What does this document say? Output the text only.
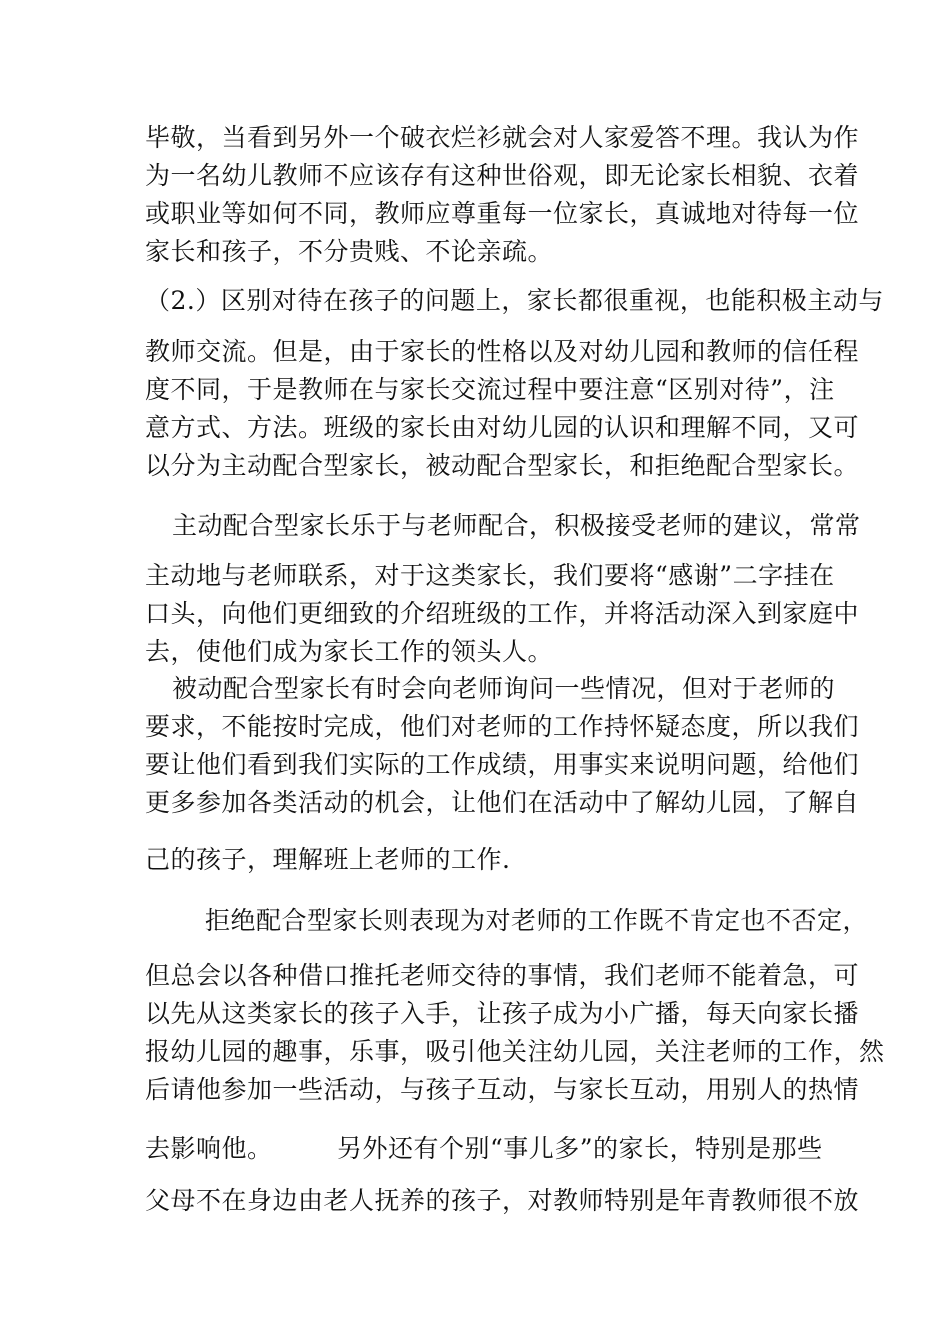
毕敬，当看到另外一个破衣烂衫就会对人家爱答不理。我认为作
为一名幼儿教师不应该存有这种世俗观，即无论家长相貌、衣着
或职业等如何不同，教师应尊重每一位家长，真诚地对待每一位
家长和孩子，不分贵贱、不论亲疏。
（2.）区别对待在孩子的问题上，家长都很重视，也能积极主动与
教师交流。但是，由于家长的性格以及对幼儿园和教师的信任程
度不同，于是教师在与家长交流过程中要注意“区别对待”，注
意方式、方法。班级的家长由对幼儿园的认识和理解不同，又可
以分为主动配合型家长，被动配合型家长，和拒绝配合型家长。
主动配合型家长乐于与老师配合，积极接受老师的建议，常常
主动地与老师联系，对于这类家长，我们要将“感谢”二字挂在
口头，向他们更细致的介绍班级的工作，并将活动深入到家庭中
去，使他们成为家长工作的领头人。
被动配合型家长有时会向老师询问一些情况，但对于老师的
要求，不能按时完成，他们对老师的工作持怀疑态度，所以我们
要让他们看到我们实际的工作成绩，用事实来说明问题，给他们
更多参加各类活动的机会，让他们在活动中了解幼儿园，了解自
己的孩子，理解班上老师的工作.
拒绝配合型家长则表现为对老师的工作既不肯定也不否定，
但总会以各种借口推托老师交待的事情，我们老师不能着急，可
以先从这类家长的孩子入手，让孩子成为小广播，每天向家长播
报幼儿园的趣事，乐事，吸引他关注幼儿园，关注老师的工作，然
后请他参加一些活动，与孩子互动，与家长互动，用别人的热情
去影响他。	另外还有个别“事儿多”的家长，特别是那些
父母不在身边由老人抚养的孩子，对教师特别是年青教师很不放
